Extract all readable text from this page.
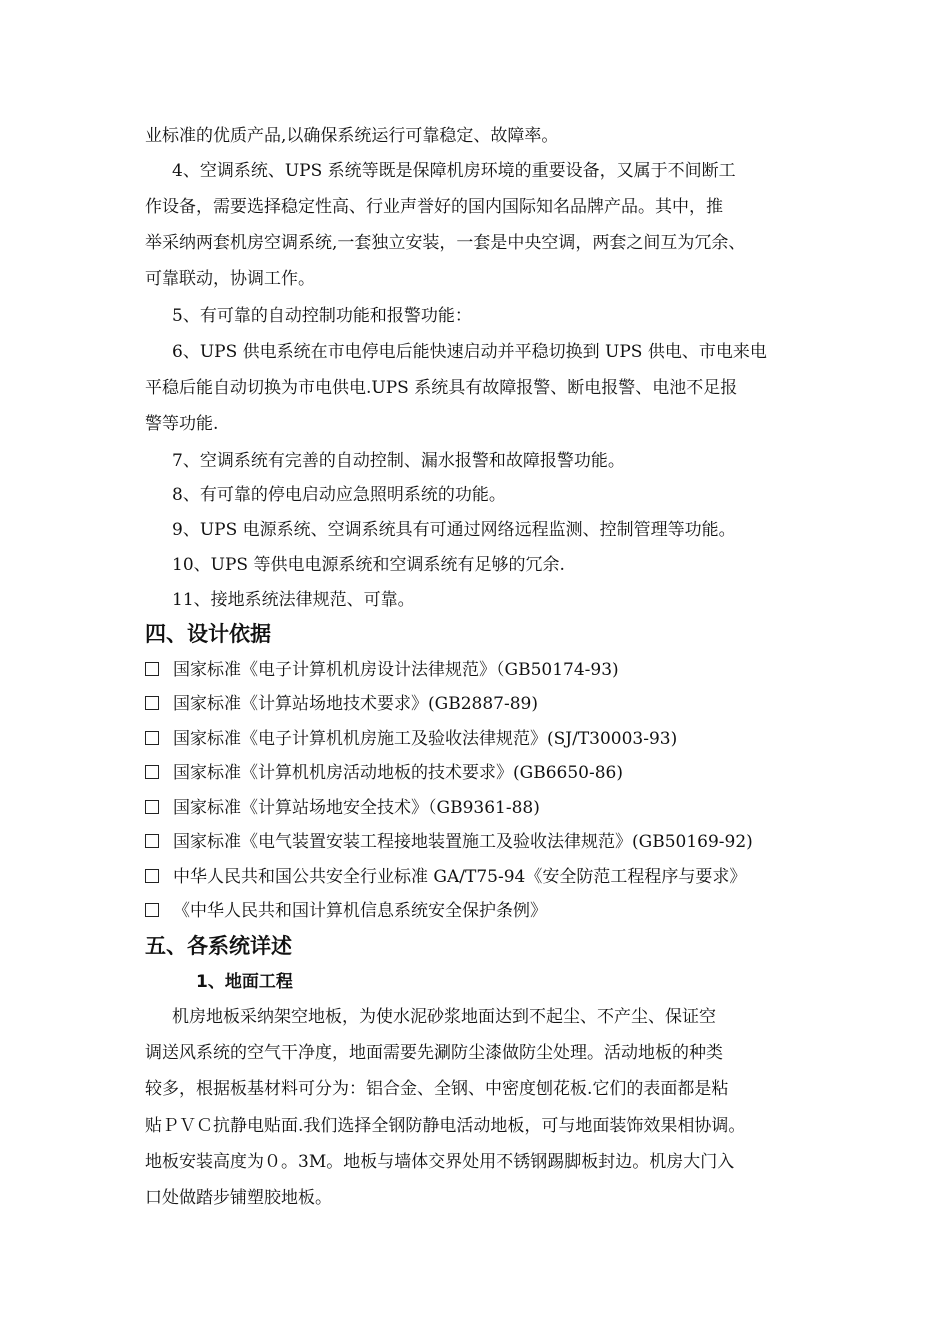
业标准的优质产品,以确保系统运行可靠稳定、故障率。
4、空调系统、UPS 系统等既是保障机房环境的重要设备，又属于不间断工
作设备，需要选择稳定性高、行业声誉好的国内国际知名品牌产品。其中，推
举采纳两套机房空调系统,一套独立安装，一套是中央空调，两套之间互为冗余、
可靠联动，协调工作。
5、有可靠的自动控制功能和报警功能：
6、UPS 供电系统在市电停电后能快速启动并平稳切换到 UPS 供电、市电来电
平稳后能自动切换为市电供电.UPS 系统具有故障报警、断电报警、电池不足报
警等功能.
7、空调系统有完善的自动控制、漏水报警和故障报警功能。
8、有可靠的停电启动应急照明系统的功能。
9、UPS 电源系统、空调系统具有可通过网络远程监测、控制管理等功能。
10、UPS 等供电电源系统和空调系统有足够的冗余.
11、接地系统法律规范、可靠。
四、设计依据
国家标准《电子计算机机房设计法律规范》（GB50174-93)
国家标准《计算站场地技术要求》(GB2887-89)
国家标准《电子计算机机房施工及验收法律规范》(SJ/T30003-93)
国家标准《计算机机房活动地板的技术要求》(GB6650-86)
国家标准《计算站场地安全技术》（GB9361-88)
国家标准《电气装置安装工程接地装置施工及验收法律规范》(GB50169-92)
中华人民共和国公共安全行业标准 GA/T75-94《安全防范工程程序与要求》
《中华人民共和国计算机信息系统安全保护条例》
五、各系统详述
1、地面工程
机房地板采纳架空地板，为使水泥砂浆地面达到不起尘、不产尘、保证空
调送风系统的空气干净度，地面需要先涮防尘漆做防尘处理。活动地板的种类
较多，根据板基材料可分为：铝合金、全钢、中密度刨花板.它们的表面都是粘
贴ＰＶＣ抗静电贴面.我们选择全钢防静电活动地板，可与地面装饰效果相协调。
地板安装高度为０。3M。地板与墙体交界处用不锈钢踢脚板封边。机房大门入
口处做踏步铺塑胶地板。
